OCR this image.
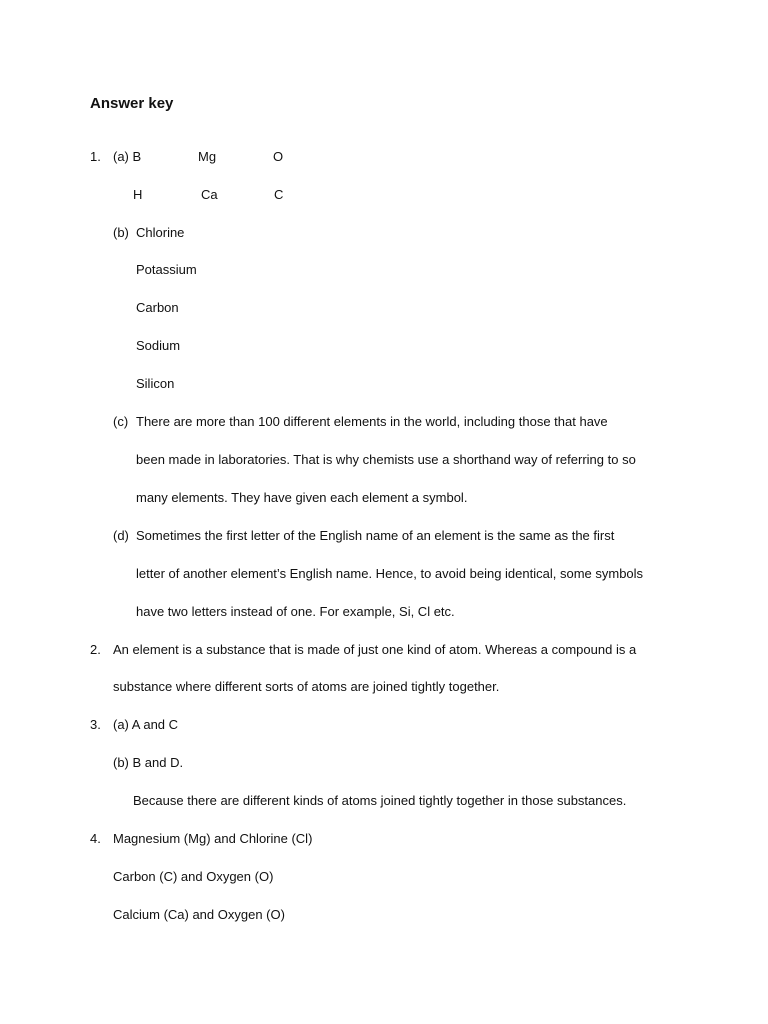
Answer key
1. (a) B	Mg	O
H	Ca	C
(b) Chlorine
Potassium
Carbon
Sodium
Silicon
(c) There are more than 100 different elements in the world, including those that have
been made in laboratories. That is why chemists use a shorthand way of referring to so
many elements. They have given each element a symbol.
(d) Sometimes the first letter of the English name of an element is the same as the first
letter of another element’s English name. Hence, to avoid being identical, some symbols
have two letters instead of one. For example, Si, Cl etc.
2. An element is a substance that is made of just one kind of atom. Whereas a compound is a
substance where different sorts of atoms are joined tightly together.
3. (a) A and C
(b) B and D.
Because there are different kinds of atoms joined tightly together in those substances.
4. Magnesium (Mg) and Chlorine (Cl)
Carbon (C) and Oxygen (O)
Calcium (Ca) and Oxygen (O)
